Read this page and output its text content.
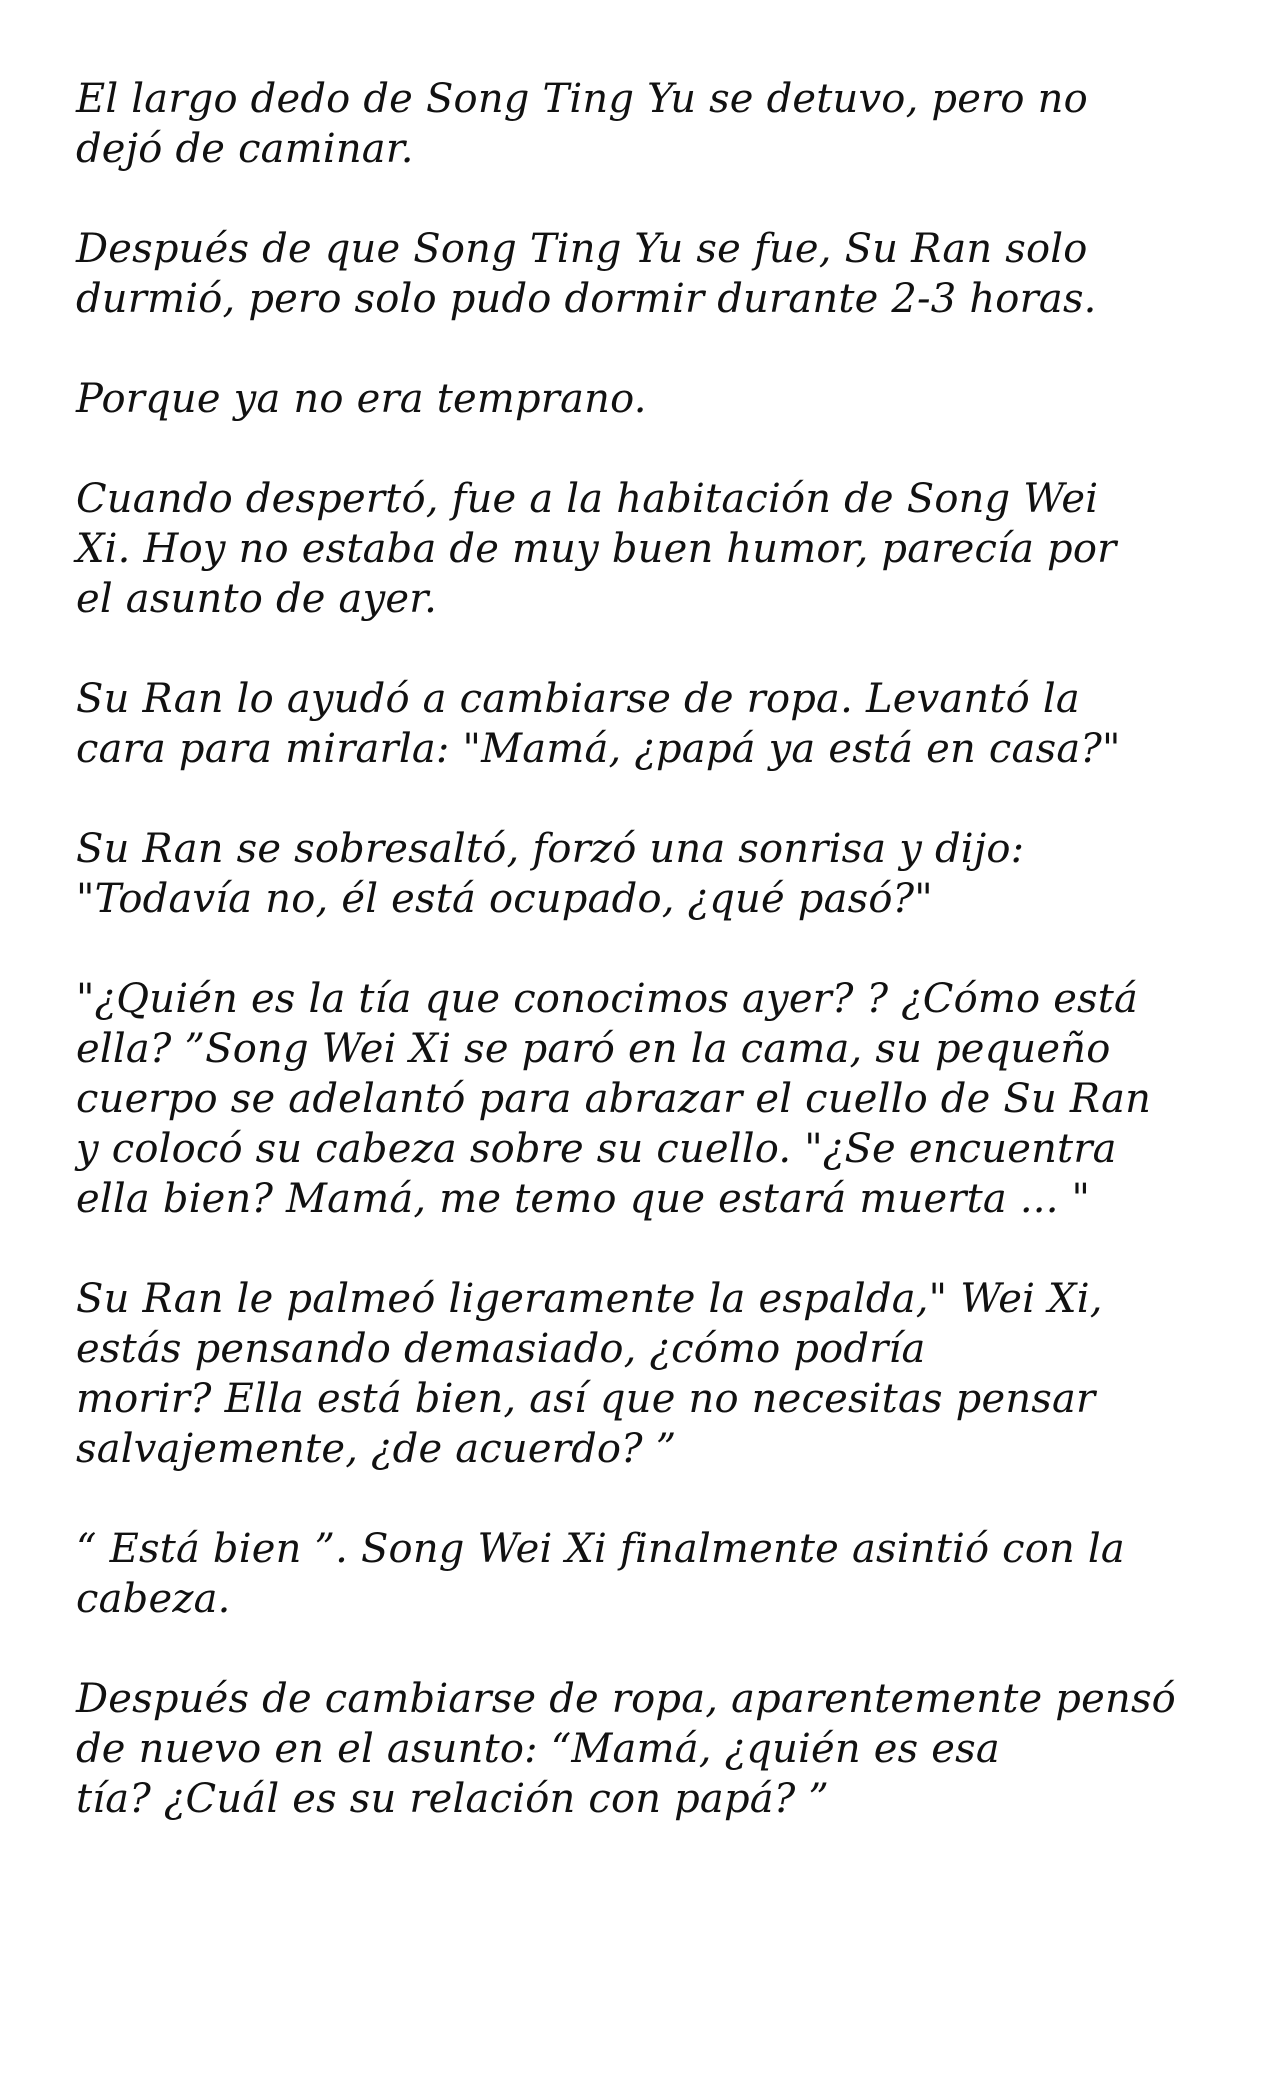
El largo dedo de Song Ting Yu se detuvo, pero no
dejó de caminar.

Después de que Song Ting Yu se fue, Su Ran solo
durmió, pero solo pudo dormir durante 2-3 horas.

Porque ya no era temprano.

Cuando despertó, fue a la habitación de Song Wei
Xi. Hoy no estaba de muy buen humor, parecía por
el asunto de ayer.

Su Ran lo ayudó a cambiarse de ropa. Levantó la
cara para mirarla: "Mamá, ¿papá ya está en casa?"

Su Ran se sobresaltó, forzó una sonrisa y dijo:
"Todavía no, él está ocupado, ¿qué pasó?"

"¿Quién es la tía que conocimos ayer? ? ¿Cómo está
ella? ”Song Wei Xi se paró en la cama, su pequeño
cuerpo se adelantó para abrazar el cuello de Su Ran
y colocó su cabeza sobre su cuello. "¿Se encuentra
ella bien? Mamá, me temo que estará muerta ... "

Su Ran le palmeó ligeramente la espalda," Wei Xi,
estás pensando demasiado, ¿cómo podría
morir? Ella está bien, así que no necesitas pensar
salvajemente, ¿de acuerdo? ”

“ Está bien ”. Song Wei Xi finalmente asintió con la
cabeza.

Después de cambiarse de ropa, aparentemente pensó
de nuevo en el asunto: “Mamá, ¿quién es esa
tía? ¿Cuál es su relación con papá? ”
